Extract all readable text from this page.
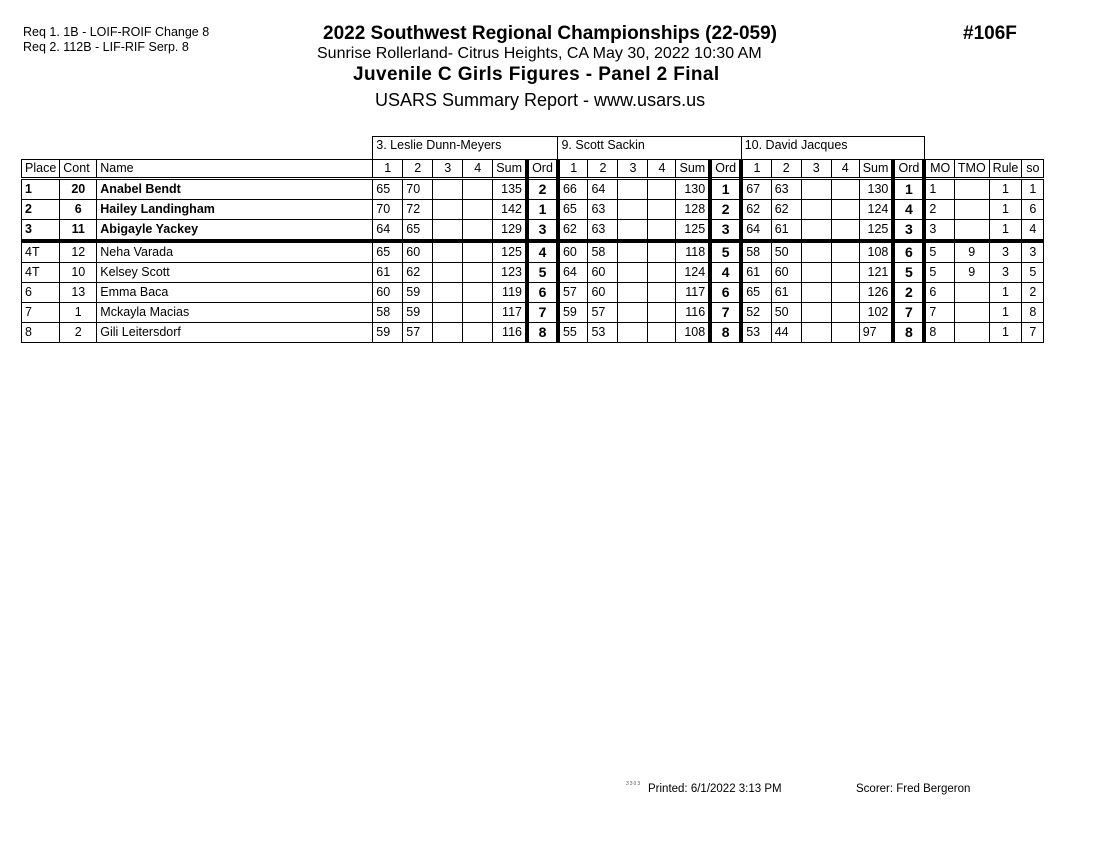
Req 1. 1B - LOIF-ROIF Change 8
Req 2. 112B - LIF-RIF Serp. 8
2022 Southwest Regional Championships (22-059)
Sunrise Rollerland- Citrus Heights, CA May 30, 2022 10:30 AM
Juvenile C Girls Figures - Panel 2 Final
USARS Summary Report - www.usars.us
#106F
			3. Leslie Dunn-Meyers						9. Scott Sackin						10. David Jacques									
Place	Cont	Name	1	2	3	4	Sum	Ord	1	2	3	4	Sum	Ord	1	2	3	4	Sum	Ord	MO	TMO	Rule	so
1	20	Anabel Bendt	65	70			135	2	66	64			130	1	67	63			130	1	1		1	1
2	6	Hailey Landingham	70	72			142	1	65	63			128	2	62	62			124	4	2		1	6
3	11	Abigayle Yackey	64	65			129	3	62	63			125	3	64	61			125	3	3		1	4
4T	12	Neha Varada	65	60			125	4	60	58			118	5	58	50			108	6	5	9	3	3
4T	10	Kelsey Scott	61	62			123	5	64	60			124	4	61	60			121	5	5	9	3	5
6	13	Emma Baca	60	59			119	6	57	60			117	6	65	61			126	2	6		1	2
7	1	Mckayla Macias	58	59			117	7	59	57			116	7	52	50			102	7	7		1	8
8	2	Gili Leitersdorf	59	57			116	8	55	53			108	8	53	44			97	8	8		1	7
3303 Printed: 6/1/2022 3:13 PM	Scorer: Fred Bergeron
